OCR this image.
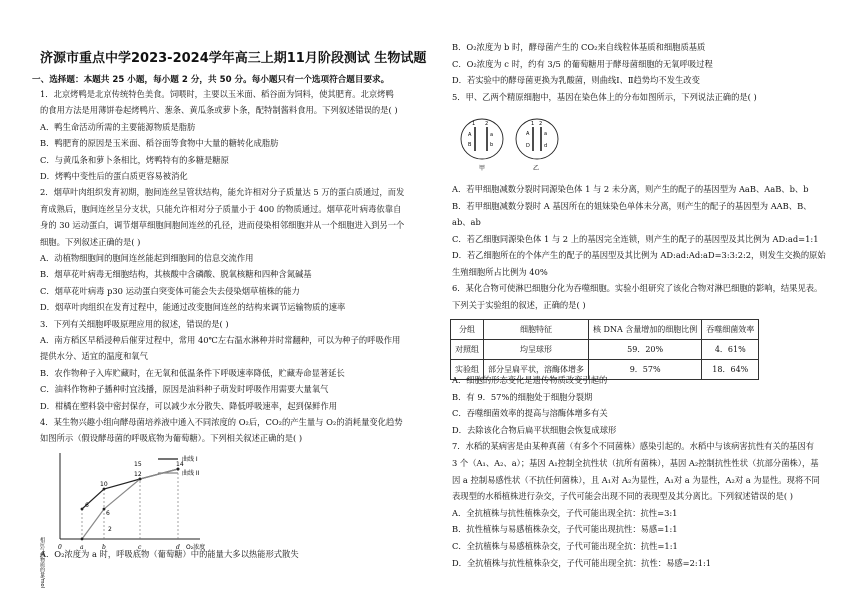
济源市重点中学2023-2024学年高三上期11月阶段测试 生物试题
一、选择题：本题共 25 小题，每小题 2 分，共 50 分。每小题只有一个选项符合题目要求。
1．北京烤鸭是北京传统特色美食。饲喂时，主要以玉米面、稻谷面为饲料，使其肥育。北京烤鸭
的食用方法是用薄饼卷起烤鸭片、葱条、黄瓜条或萝卜条，配特制酱料食用。下列叙述错误的是( )
A．鸭生命活动所需的主要能源物质是脂肪
B．鸭肥育的原因是玉米面、稻谷面等食物中大量的糖转化成脂肪
C．与黄瓜条和萝卜条相比，烤鸭特有的多糖是糖原
D．烤鸭中变性后的蛋白质更容易被消化
2．烟草叶肉组织发育初期，胞间连丝呈管状结构，能允许相对分子质量达 5 万的蛋白质通过，而发
育成熟后，胞间连丝呈分支状，只能允许相对分子质量小于 400 的物质通过。烟草花叶病毒依靠自
身的 30 运动蛋白，调节烟草细胞间胞间连丝的孔径，进而侵染相邻细胞并从一个细胞进入到另一个
细胞。下列叙述正确的是( )
A．动植物细胞间的胞间连丝能起到细胞间的信息交流作用
B．烟草花叶病毒无细胞结构，其核酸中含磷酸、脱氧核糖和四种含氮碱基
C．烟草花叶病毒 p30 运动蛋白突变体可能会失去侵染烟草植株的能力
D．烟草叶肉组织在发育过程中，能通过改变胞间连丝的结构来调节运输物质的速率
3．下列有关细胞呼吸原理应用的叙述，错误的是( )
A．南方稻区早稻浸种后催芽过程中，常用 40℃左右温水淋种并时常翻种，可以为种子的呼吸作用
提供水分、适宜的温度和氧气
B．农作物种子入库贮藏时，在无氧和低温条件下呼吸速率降低，贮藏寿命显著延长
C．油料作物种子播种时宜浅播，原因是油料种子萌发时呼吸作用需要大量氧气
D．柑橘在塑料袋中密封保存，可以减少水分散失、降低呼吸速率，起到保鲜作用
4．某生物兴趣小组向酵母菌培养液中通入不同浓度的 O₂后，CO₂的产生量与 O₂的消耗量变化趋势
如图所示（假设酵母菌的呼吸底物为葡萄糖）。下列相关叙述正确的是( )
相应气体物质的量/mol	O₂浓度
0	a	b	c	d
曲线 I
曲线 II
6
10
12
14
6
15
2
A．O₂浓度为 a 时，呼吸底物（葡萄糖）中的能量大多以热能形式散失
B．O₂浓度为 b 时，酵母菌产生的 CO₂来自线粒体基质和细胞质基质
C．O₂浓度为 c 时，约有 3/5 的葡萄糖用于酵母菌细胞的无氧呼吸过程
D．若实验中的酵母菌更换为乳酸菌，则曲线Ⅰ、Ⅱ趋势均不发生改变
5．甲、乙两个精原细胞中，基因在染色体上的分布如图所示，下列说法正确的是( )
1 2
A	a
B	b
1 2
A	a
D	d
甲	乙
A．若甲细胞减数分裂时同源染色体 1 与 2 未分离，则产生的配子的基因型为 AaB、AaB、b、b
B．若甲细胞减数分裂时 A 基因所在的姐妹染色单体未分离，则产生的配子的基因型为 AAB、B、
ab、ab
C．若乙细胞同源染色体 1 与 2 上的基因完全连锁，则产生的配子的基因型及其比例为 AD:ad=1:1
D．若乙细胞所在的个体产生的配子的基因型及其比例为 AD:ad:Ad:aD=3:3:2:2，则发生交换的原始
生殖细胞所占比例为 40%
6．某化合物可使淋巴细胞分化为吞噬细胞。实验小组研究了该化合物对淋巴细胞的影响，结果见表。
下列关于实验组的叙述，正确的是( )
分组	细胞特征	核 DNA 含量增加的细胞比例	吞噬细菌效率
对照组	均呈球形	59．20%	4．61%
实验组	部分呈扁平状，溶酶体增多	9．57%	18．64%
A．细胞的形态变化是遗传物质改变引起的
B．有 9．57%的细胞处于细胞分裂期
C．吞噬细菌效率的提高与溶酶体增多有关
D．去除该化合物后扁平状细胞会恢复成球形
7．水稻的某病害是由某种真菌（有多个不同菌株）感染引起的。水稻中与该病害抗性有关的基因有
3 个（A₁、A₂、a）；基因 A₁控制全抗性状（抗所有菌株），基因 A₂控制抗性性状（抗部分菌株），基
因 a 控制易感性状（不抗任何菌株），且 A₁对 A₂为显性，A₁对 a 为显性，A₂对 a 为显性。现将不同
表现型的水稻植株进行杂交，子代可能会出现不同的表现型及其分离比。下列叙述错误的是( )
A．全抗植株与抗性植株杂交，子代可能出现全抗：抗性=3:1
B．抗性植株与易感植株杂交，子代可能出现抗性：易感=1:1
C．全抗植株与易感植株杂交，子代可能出现全抗：抗性=1:1
D．全抗植株与抗性植株杂交，子代可能出现全抗：抗性：易感=2:1:1
